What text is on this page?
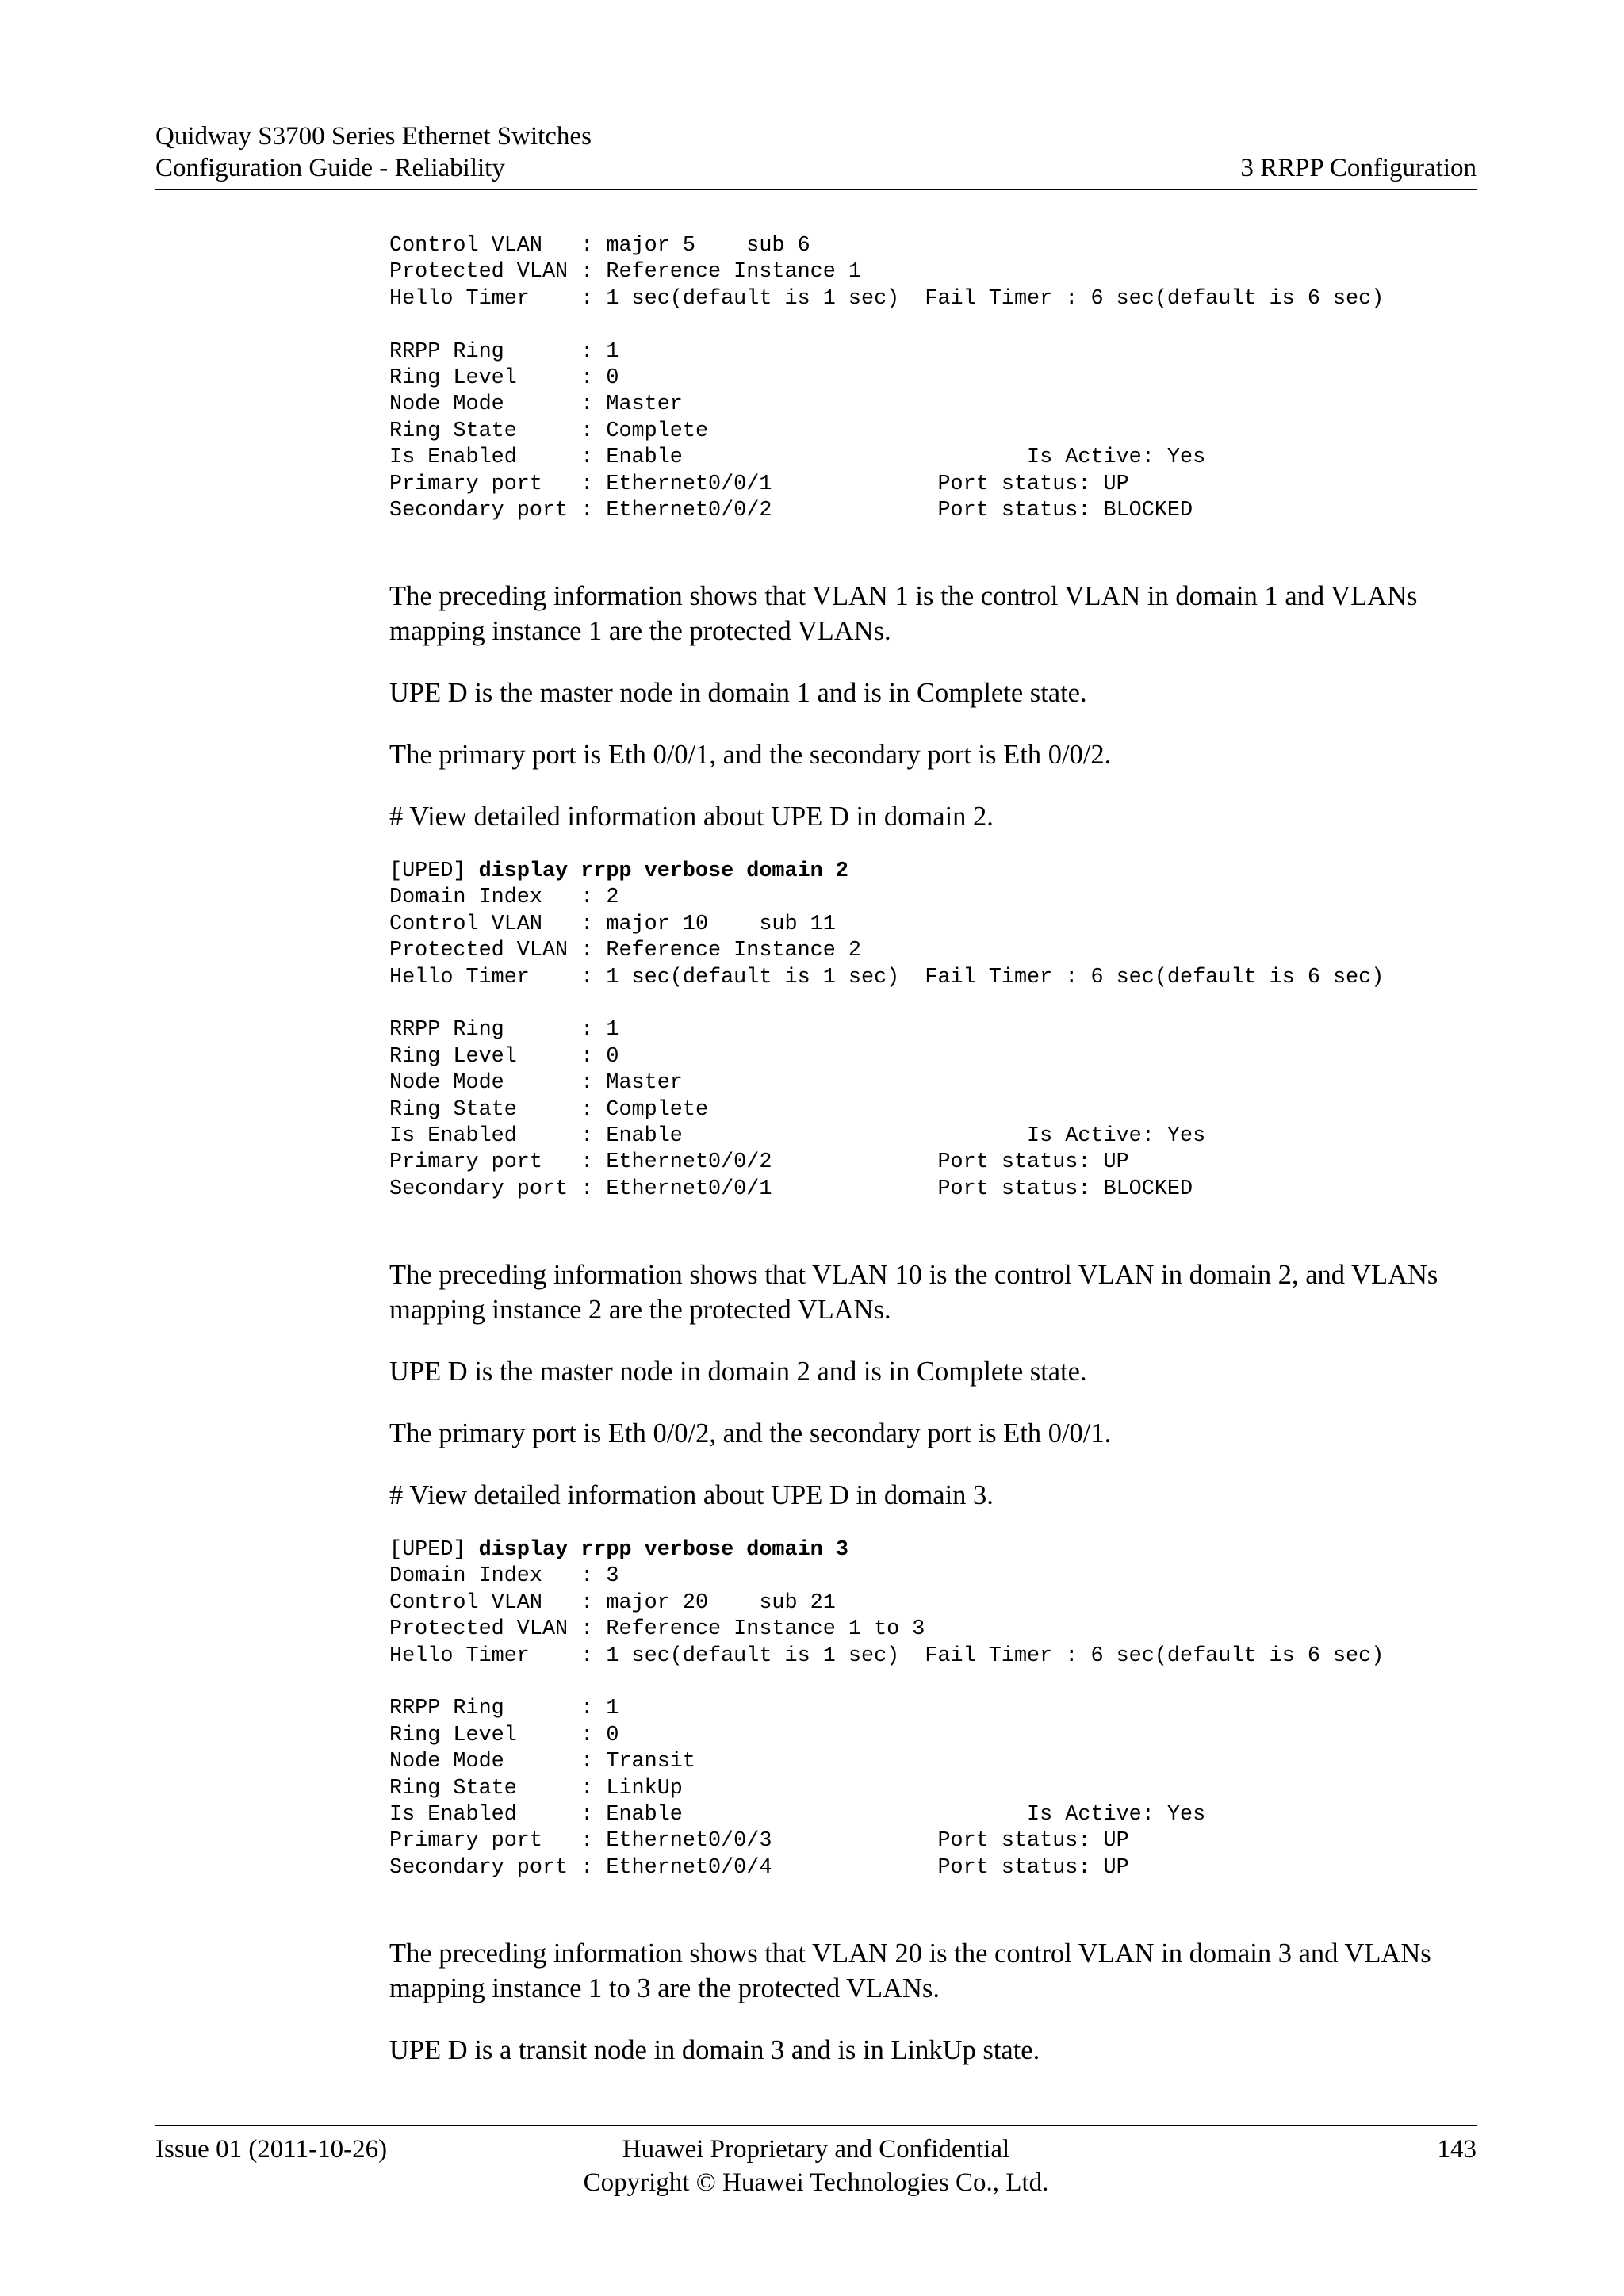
Quidway S3700 Series Ethernet Switches
Configuration Guide - Reliability	3 RRPP Configuration
Control VLAN   : major 5    sub 6
Protected VLAN : Reference Instance 1
Hello Timer    : 1 sec(default is 1 sec)  Fail Timer : 6 sec(default is 6 sec)

RRPP Ring      : 1
Ring Level     : 0
Node Mode      : Master
Ring State     : Complete
Is Enabled     : Enable                           Is Active: Yes
Primary port   : Ethernet0/0/1             Port status: UP
Secondary port : Ethernet0/0/2             Port status: BLOCKED

The preceding information shows that VLAN 1 is the control VLAN in domain 1 and VLANs mapping instance 1 are the protected VLANs.

UPE D is the master node in domain 1 and is in Complete state.

The primary port is Eth 0/0/1, and the secondary port is Eth 0/0/2.

# View detailed information about UPE D in domain 2.

[UPED] display rrpp verbose domain 2
Domain Index   : 2
Control VLAN   : major 10    sub 11
Protected VLAN : Reference Instance 2
Hello Timer    : 1 sec(default is 1 sec)  Fail Timer : 6 sec(default is 6 sec)

RRPP Ring      : 1
Ring Level     : 0
Node Mode      : Master
Ring State     : Complete
Is Enabled     : Enable                           Is Active: Yes
Primary port   : Ethernet0/0/2             Port status: UP
Secondary port : Ethernet0/0/1             Port status: BLOCKED

The preceding information shows that VLAN 10 is the control VLAN in domain 2, and VLANs mapping instance 2 are the protected VLANs.

UPE D is the master node in domain 2 and is in Complete state.

The primary port is Eth 0/0/2, and the secondary port is Eth 0/0/1.

# View detailed information about UPE D in domain 3.

[UPED] display rrpp verbose domain 3
Domain Index   : 3
Control VLAN   : major 20    sub 21
Protected VLAN : Reference Instance 1 to 3
Hello Timer    : 1 sec(default is 1 sec)  Fail Timer : 6 sec(default is 6 sec)

RRPP Ring      : 1
Ring Level     : 0
Node Mode      : Transit
Ring State     : LinkUp
Is Enabled     : Enable                           Is Active: Yes
Primary port   : Ethernet0/0/3             Port status: UP
Secondary port : Ethernet0/0/4             Port status: UP

The preceding information shows that VLAN 20 is the control VLAN in domain 3 and VLANs mapping instance 1 to 3 are the protected VLANs.

UPE D is a transit node in domain 3 and is in LinkUp state.

Issue 01 (2011-10-26)	Huawei Proprietary and Confidential
Copyright © Huawei Technologies Co., Ltd.
143
